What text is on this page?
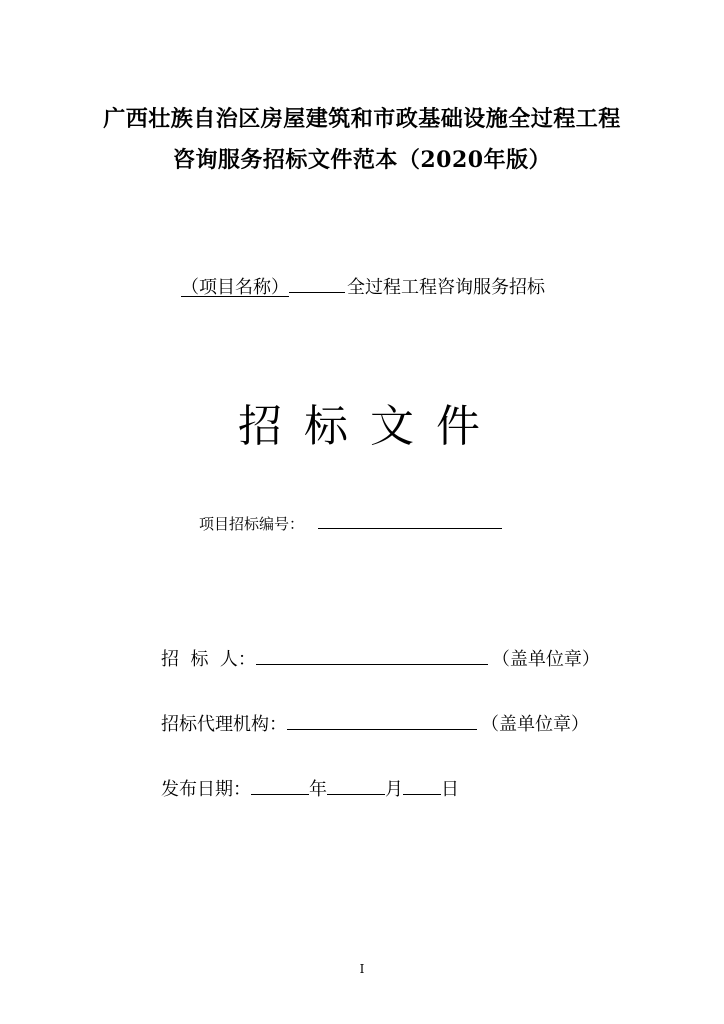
广西壮族自治区房屋建筑和市政基础设施全过程工程
咨询服务招标文件范本（2020年版）
（项目名称）	全过程工程咨询服务招标
招标文件
项目招标编号：
招  标  人：	（盖单位章）
招标代理机构：	（盖单位章）
发布日期：	年	月 日
I
